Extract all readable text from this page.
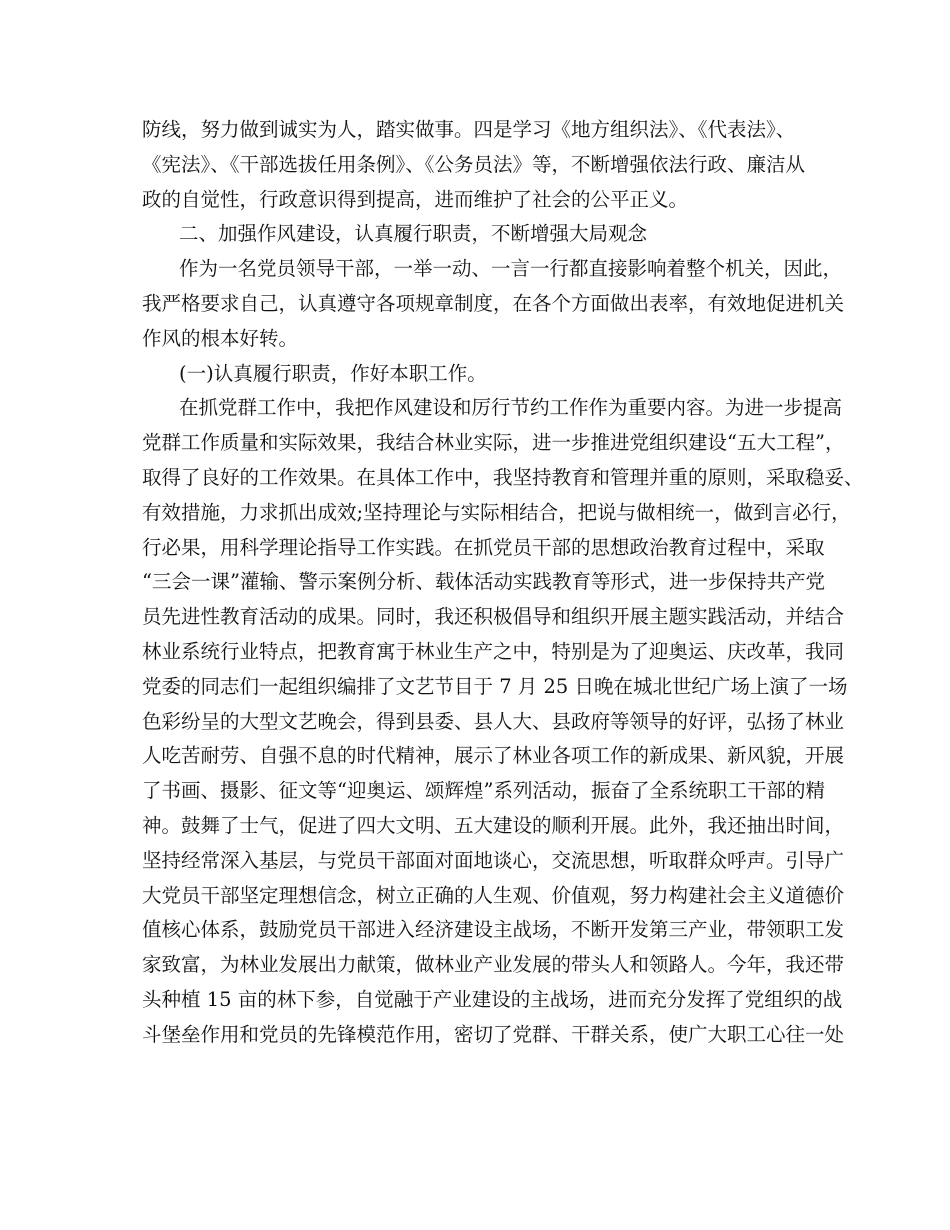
防线，努力做到诚实为人，踏实做事。四是学习《地方组织法》、《代表法》、
《宪法》、《干部选拔任用条例》、《公务员法》等，不断增强依法行政、廉洁从
政的自觉性，行政意识得到提高，进而维护了社会的公平正义。
二、加强作风建设，认真履行职责，不断增强大局观念
作为一名党员领导干部，一举一动、一言一行都直接影响着整个机关，因此，
我严格要求自己，认真遵守各项规章制度，在各个方面做出表率，有效地促进机关
作风的根本好转。
(一)认真履行职责，作好本职工作。
在抓党群工作中，我把作风建设和厉行节约工作作为重要内容。为进一步提高
党群工作质量和实际效果，我结合林业实际，进一步推进党组织建设“五大工程”，
取得了良好的工作效果。在具体工作中，我坚持教育和管理并重的原则，采取稳妥、
有效措施，力求抓出成效;坚持理论与实际相结合，把说与做相统一，做到言必行，
行必果，用科学理论指导工作实践。在抓党员干部的思想政治教育过程中，采取
“三会一课”灌输、警示案例分析、载体活动实践教育等形式，进一步保持共产党
员先进性教育活动的成果。同时，我还积极倡导和组织开展主题实践活动，并结合
林业系统行业特点，把教育寓于林业生产之中，特别是为了迎奥运、庆改革，我同
党委的同志们一起组织编排了文艺节目于 7 月 25 日晚在城北世纪广场上演了一场
色彩纷呈的大型文艺晚会，得到县委、县人大、县政府等领导的好评，弘扬了林业
人吃苦耐劳、自强不息的时代精神，展示了林业各项工作的新成果、新风貌，开展
了书画、摄影、征文等“迎奥运、颂辉煌”系列活动，振奋了全系统职工干部的精
神。鼓舞了士气，促进了四大文明、五大建设的顺利开展。此外，我还抽出时间，
坚持经常深入基层，与党员干部面对面地谈心，交流思想，听取群众呼声。引导广
大党员干部坚定理想信念，树立正确的人生观、价值观，努力构建社会主义道德价
值核心体系，鼓励党员干部进入经济建设主战场，不断开发第三产业，带领职工发
家致富，为林业发展出力献策，做林业产业发展的带头人和领路人。今年，我还带
头种植 15 亩的林下参，自觉融于产业建设的主战场，进而充分发挥了党组织的战
斗堡垒作用和党员的先锋模范作用，密切了党群、干群关系，使广大职工心往一处
